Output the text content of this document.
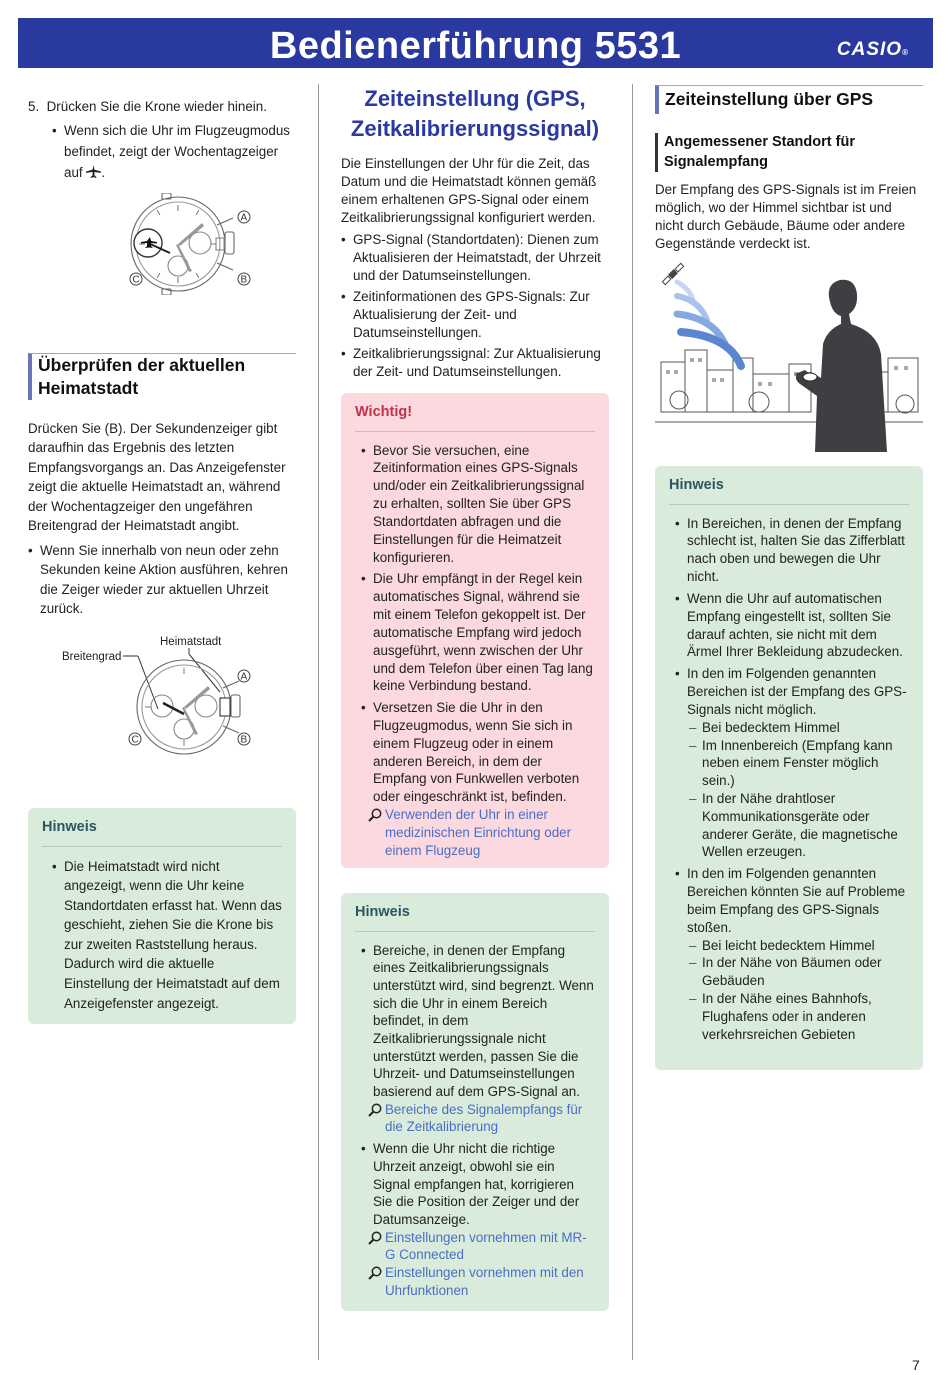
Bedienerführung 5531	CASIO®

5. Drücken Sie die Krone wieder hinein.

• Wenn sich die Uhr im Flugzeugmodus befindet, zeigt der Wochentagzeiger auf .
A
B
C
Überprüfen der aktuellen Heimatstadt

Drücken Sie (B). Der Sekundenzeiger gibt daraufhin das Ergebnis des letzten Empfangsvorgangs an. Das Anzeigefenster zeigt die aktuelle Heimatstadt an, während der Wochentagzeiger den ungefähren Breitengrad der Heimatstadt angibt.

• Wenn Sie innerhalb von neun oder zehn Sekunden keine Aktion ausführen, kehren die Zeiger wieder zur aktuellen Uhrzeit zurück.
Heimatstadt
Breitengrad
A
B
C
Hinweis
• Die Heimatstadt wird nicht angezeigt, wenn die Uhr keine Standortdaten erfasst hat. Wenn das geschieht, ziehen Sie die Krone bis zur zweiten Raststellung heraus. Dadurch wird die aktuelle Einstellung der Heimatstadt auf dem Anzeigefenster angezeigt.
Zeiteinstellung (GPS, Zeitkalibrierungssignal)

Die Einstellungen der Uhr für die Zeit, das Datum und die Heimatstadt können gemäß einem erhaltenen GPS-Signal oder einem Zeitkalibrierungssignal konfiguriert werden.

• GPS-Signal (Standortdaten): Dienen zum Aktualisieren der Heimatstadt, der Uhrzeit und der Datumseinstellungen.
• Zeitinformationen des GPS-Signals: Zur Aktualisierung der Zeit- und Datumseinstellungen.
• Zeitkalibrierungssignal: Zur Aktualisierung der Zeit- und Datumseinstellungen.
Wichtig!
• Bevor Sie versuchen, eine Zeitinformation eines GPS-Signals und/oder ein Zeitkalibrierungssignal zu erhalten, sollten Sie über GPS Standortdaten abfragen und die Einstellungen für die Heimatzeit konfigurieren.
• Die Uhr empfängt in der Regel kein automatisches Signal, während sie mit einem Telefon gekoppelt ist. Der automatische Empfang wird jedoch ausgeführt, wenn zwischen der Uhr und dem Telefon über einen Tag lang keine Verbindung bestand.
• Versetzen Sie die Uhr in den Flugzeugmodus, wenn Sie sich in einem Flugzeug oder in einem anderen Bereich, in dem der Empfang von Funkwellen verboten oder eingeschränkt ist, befinden.
Verwenden der Uhr in einer medizinischen Einrichtung oder einem Flugzeug
Hinweis
• Bereiche, in denen der Empfang eines Zeitkalibrierungssignals unterstützt wird, sind begrenzt. Wenn sich die Uhr in einem Bereich befindet, in dem Zeitkalibrierungssignale nicht unterstützt werden, passen Sie die Uhrzeit- und Datumseinstellungen basierend auf dem GPS-Signal an.
Bereiche des Signalempfangs für die Zeitkalibrierung
• Wenn die Uhr nicht die richtige Uhrzeit anzeigt, obwohl sie ein Signal empfangen hat, korrigieren Sie die Position der Zeiger und der Datumsanzeige.
Einstellungen vornehmen mit MR-G Connected
Einstellungen vornehmen mit den Uhrfunktionen
Zeiteinstellung über GPS
Angemessener Standort für Signalempfang

Der Empfang des GPS-Signals ist im Freien möglich, wo der Himmel sichtbar ist und nicht durch Gebäude, Bäume oder andere Gegenstände verdeckt ist.

Hinweis
• In Bereichen, in denen der Empfang schlecht ist, halten Sie das Zifferblatt nach oben und bewegen die Uhr nicht.
• Wenn die Uhr auf automatischen Empfang eingestellt ist, sollten Sie darauf achten, sie nicht mit dem Ärmel Ihrer Bekleidung abzudecken.
• In den im Folgenden genannten Bereichen ist der Empfang des GPS-Signals nicht möglich.
– Bei bedecktem Himmel
– Im Innenbereich (Empfang kann neben einem Fenster möglich sein.)
– In der Nähe drahtloser Kommunikationsgeräte oder anderer Geräte, die magnetische Wellen erzeugen.
• In den im Folgenden genannten Bereichen könnten Sie auf Probleme beim Empfang des GPS-Signals stoßen.
– Bei leicht bedecktem Himmel
– In der Nähe von Bäumen oder Gebäuden
– In der Nähe eines Bahnhofs, Flughafens oder in anderen verkehrsreichen Gebieten
7
